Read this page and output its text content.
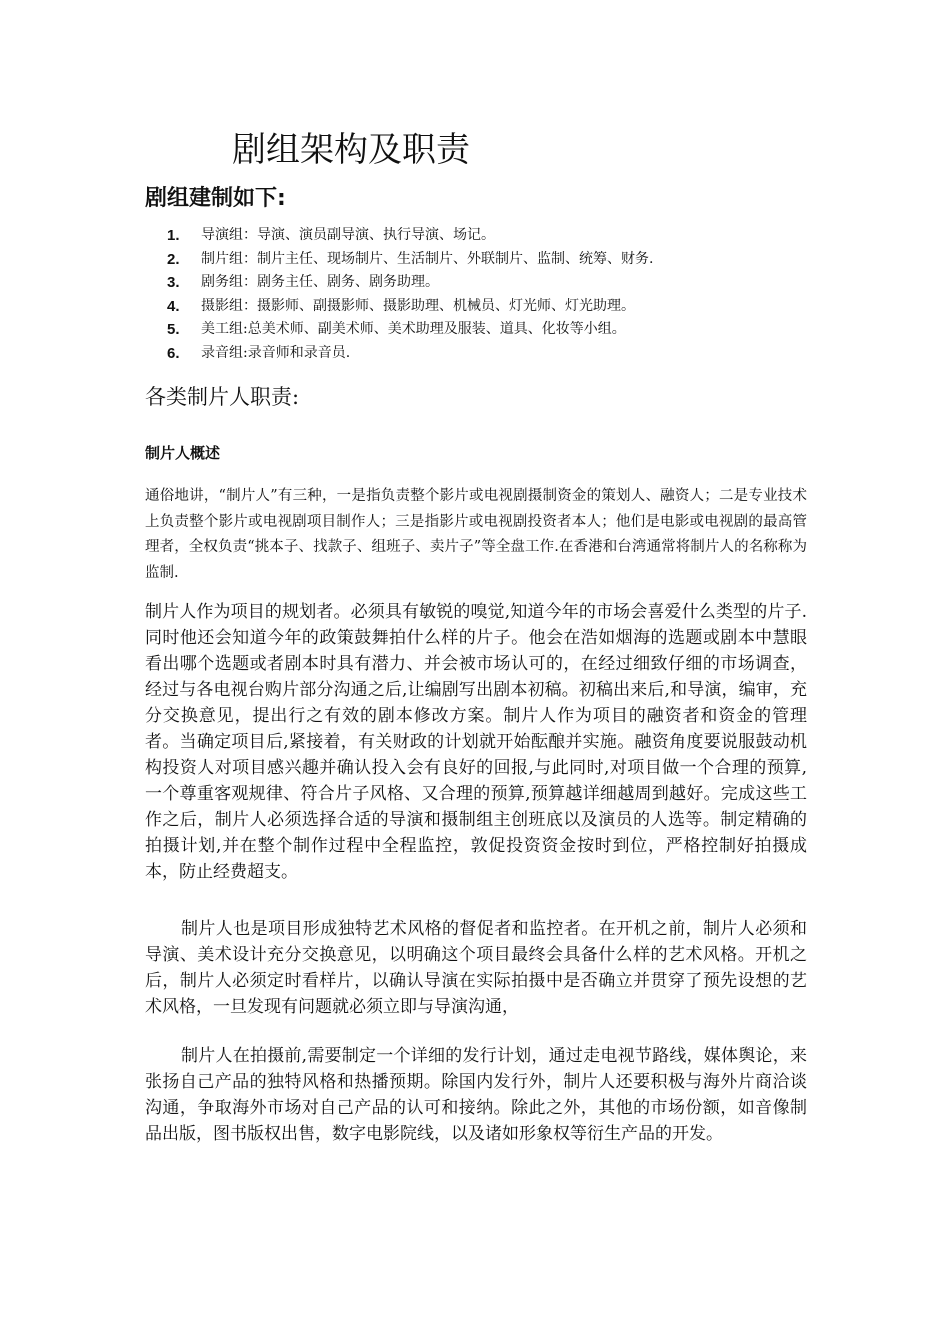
剧组架构及职责
剧组建制如下:
1. 导演组：导演、演员副导演、执行导演、场记。
2. 制片组：制片主任、现场制片、生活制片、外联制片、监制、统筹、财务.
3. 剧务组：剧务主任、剧务、剧务助理。
4. 摄影组：摄影师、副摄影师、摄影助理、机械员、灯光师、灯光助理。
5. 美工组:总美术师、副美术师、美术助理及服装、道具、化妆等小组。
6. 录音组:录音师和录音员.
各类制片人职责:
制片人概述

通俗地讲，“制片人”有三种，一是指负责整个影片或电视剧摄制资金的策划人、融资人；二是专业技术上负责整个影片或电视剧项目制作人；三是指影片或电视剧投资者本人；他们是电影或电视剧的最高管理者，全权负责“挑本子、找款子、组班子、卖片子”等全盘工作.在香港和台湾通常将制片人的名称称为监制.

制片人作为项目的规划者。必须具有敏锐的嗅觉,知道今年的市场会喜爱什么类型的片子.同时他还会知道今年的政策鼓舞拍什么样的片子。他会在浩如烟海的选题或剧本中慧眼看出哪个选题或者剧本时具有潜力、并会被市场认可的，在经过细致仔细的市场调查，经过与各电视台购片部分沟通之后,让编剧写出剧本初稿。初稿出来后,和导演，编审，充分交换意见，提出行之有效的剧本修改方案。制片人作为项目的融资者和资金的管理者。当确定项目后,紧接着，有关财政的计划就开始酝酿并实施。融资角度要说服鼓动机构投资人对项目感兴趣并确认投入会有良好的回报,与此同时,对项目做一个合理的预算,一个尊重客观规律、符合片子风格、又合理的预算,预算越详细越周到越好。完成这些工作之后，制片人必须选择合适的导演和摄制组主创班底以及演员的人选等。制定精确的拍摄计划,并在整个制作过程中全程监控，敦促投资资金按时到位，严格控制好拍摄成本，防止经费超支。

制片人也是项目形成独特艺术风格的督促者和监控者。在开机之前，制片人必须和导演、美术设计充分交换意见，以明确这个项目最终会具备什么样的艺术风格。开机之后，制片人必须定时看样片，以确认导演在实际拍摄中是否确立并贯穿了预先设想的艺术风格，一旦发现有问题就必须立即与导演沟通，

制片人在拍摄前,需要制定一个详细的发行计划，通过走电视节路线，媒体舆论，来张扬自己产品的独特风格和热播预期。除国内发行外，制片人还要积极与海外片商洽谈沟通，争取海外市场对自己产品的认可和接纳。除此之外，其他的市场份额，如音像制品出版，图书版权出售，数字电影院线，以及诸如形象权等衍生产品的开发。
